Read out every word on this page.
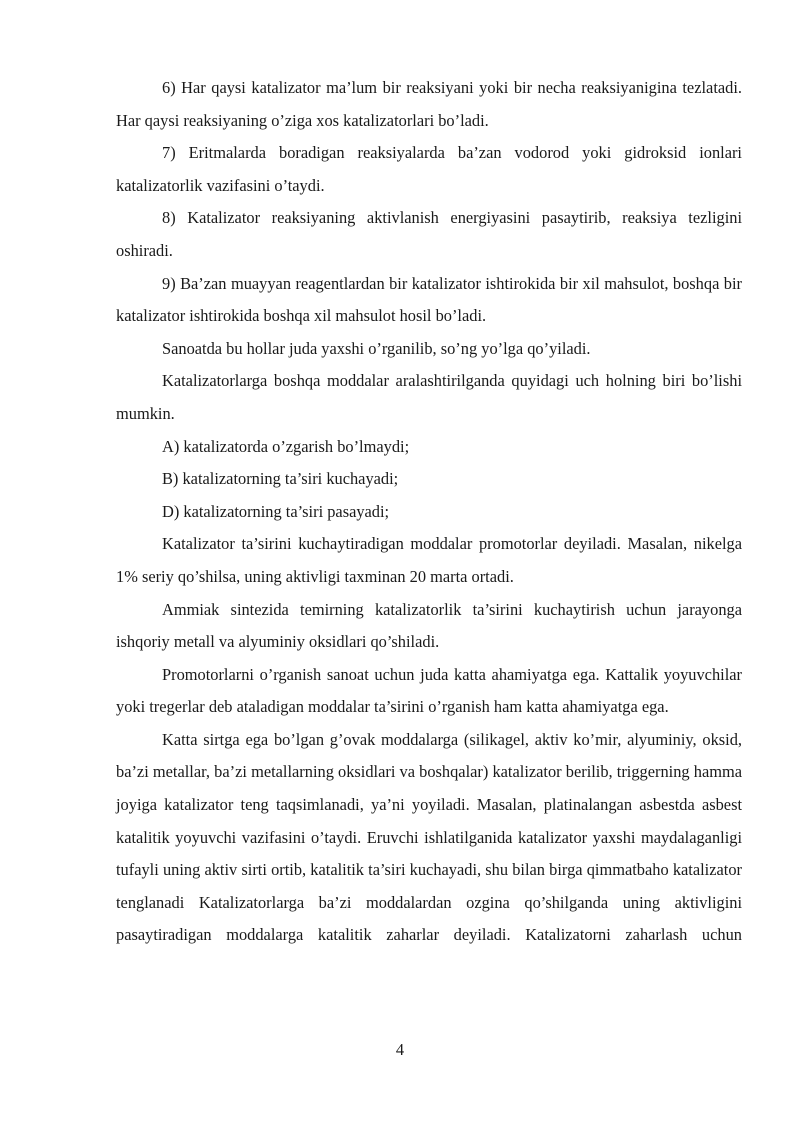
6) Har qaysi katalizator ma’lum bir reaksiyani yoki bir necha reaksiyanigina tezlatadi. Har qaysi reaksiyaning o’ziga xos katalizatorlari bo’ladi.

7) Eritmalarda boradigan reaksiyalarda ba’zan vodorod yoki gidroksid ionlari katalizatorlik vazifasini o’taydi.

8) Katalizator reaksiyaning aktivlanish energiyasini pasaytirib, reaksiya tezligini oshiradi.

9) Ba’zan muayyan reagentlardan bir katalizator ishtirokida bir xil mahsulot, boshqa bir katalizator ishtirokida boshqa xil mahsulot hosil bo’ladi.

Sanoatda bu hollar juda yaxshi o’rganilib, so’ng yo’lga qo’yiladi.

Katalizatorlarga boshqa moddalar aralashtirilganda quyidagi uch holning biri bo’lishi mumkin.

A) katalizatorda o’zgarish bo’lmaydi;

B) katalizatorning ta’siri kuchayadi;

D) katalizatorning ta’siri pasayadi;

Katalizator ta’sirini kuchaytiradigan moddalar promotorlar deyiladi. Masalan, nikelga 1% seriy qo’shilsa, uning aktivligi taxminan 20 marta ortadi.

Ammiak sintezida temirning katalizatorlik ta’sirini kuchaytirish uchun jarayonga ishqoriy metall va alyuminiy oksidlari qo’shiladi.

Promotorlarni o’rganish sanoat uchun juda katta ahamiyatga ega. Kattalik yoyuvchilar yoki tregerlar deb ataladigan moddalar ta’sirini o’rganish ham katta ahamiyatga ega.

Katta sirtga ega bo’lgan g’ovak moddalarga (silikagel, aktiv ko’mir, alyuminiy, oksid, ba’zi metallar, ba’zi metallarning oksidlari va boshqalar) katalizator berilib, triggerning hamma joyiga katalizator teng taqsimlanadi, ya’ni yoyiladi. Masalan, platinalangan asbestda asbest katalitik yoyuvchi vazifasini o’taydi. Eruvchi ishlatilganida katalizator yaxshi maydalaganligi tufayli uning aktiv sirti ortib, katalitik ta’siri kuchayadi, shu bilan birga qimmatbaho katalizator tenglanadi Katalizatorlarga ba’zi moddalardan ozgina qo’shilganda uning aktivligini pasaytiradigan moddalarga katalitik zaharlar deyiladi. Katalizatorni zaharlash uchun

4
